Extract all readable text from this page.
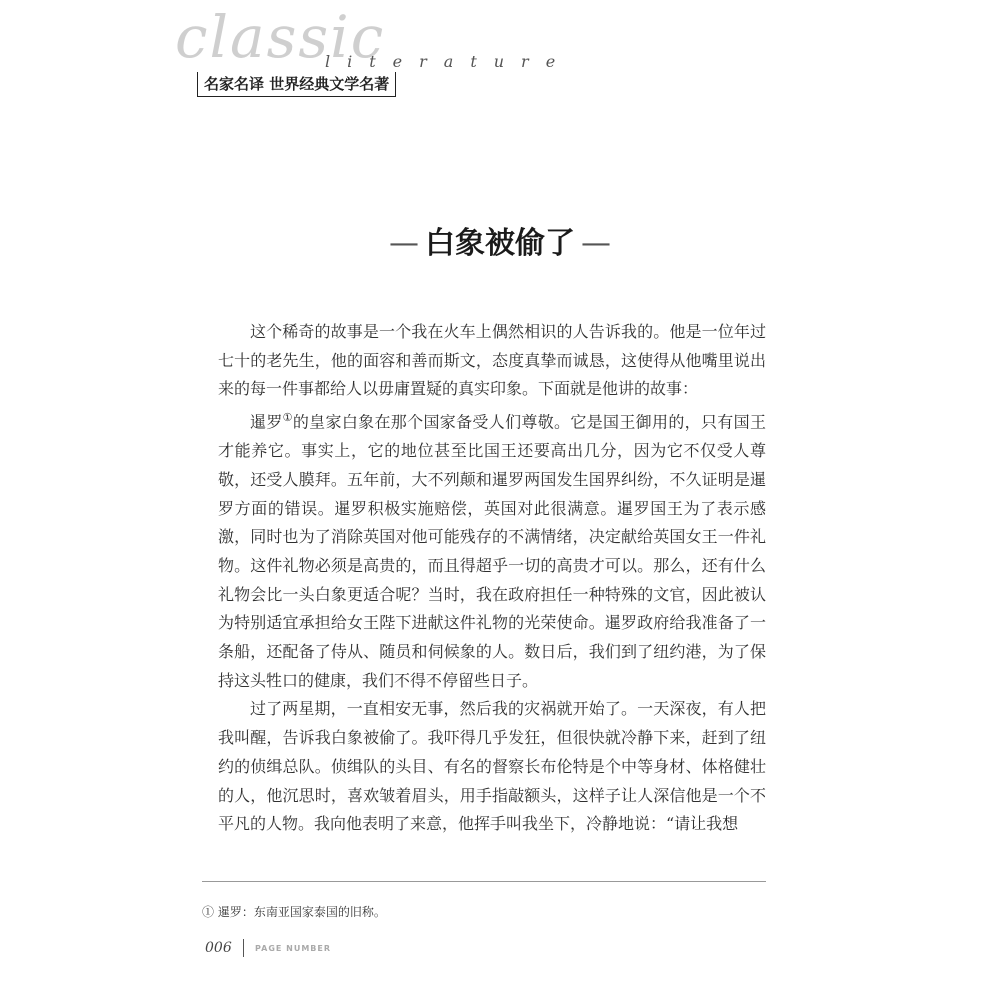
classic
literature
名家名译 世界经典文学名著
— 白象被偷了 —

这个稀奇的故事是一个我在火车上偶然相识的人告诉我的。他是一位年过七十的老先生，他的面容和善而斯文，态度真挚而诚恳，这使得从他嘴里说出来的每一件事都给人以毋庸置疑的真实印象。下面就是他讲的故事：

暹罗①的皇家白象在那个国家备受人们尊敬。它是国王御用的，只有国王才能养它。事实上，它的地位甚至比国王还要高出几分，因为它不仅受人尊敬，还受人膜拜。五年前，大不列颠和暹罗两国发生国界纠纷，不久证明是暹罗方面的错误。暹罗积极实施赔偿，英国对此很满意。暹罗国王为了表示感激，同时也为了消除英国对他可能残存的不满情绪，决定献给英国女王一件礼物。这件礼物必须是高贵的，而且得超乎一切的高贵才可以。那么，还有什么礼物会比一头白象更适合呢？当时，我在政府担任一种特殊的文官，因此被认为特别适宜承担给女王陛下进献这件礼物的光荣使命。暹罗政府给我准备了一条船，还配备了侍从、随员和伺候象的人。数日后，我们到了纽约港，为了保持这头牲口的健康，我们不得不停留些日子。

过了两星期，一直相安无事，然后我的灾祸就开始了。一天深夜，有人把我叫醒，告诉我白象被偷了。我吓得几乎发狂，但很快就冷静下来，赶到了纽约的侦缉总队。侦缉队的头目、有名的督察长布伦特是个中等身材、体格健壮的人，他沉思时，喜欢皱着眉头，用手指敲额头，这样子让人深信他是一个不平凡的人物。我向他表明了来意，他挥手叫我坐下，冷静地说：“请让我想

① 暹罗：东南亚国家泰国的旧称。
006	PAGE NUMBER
